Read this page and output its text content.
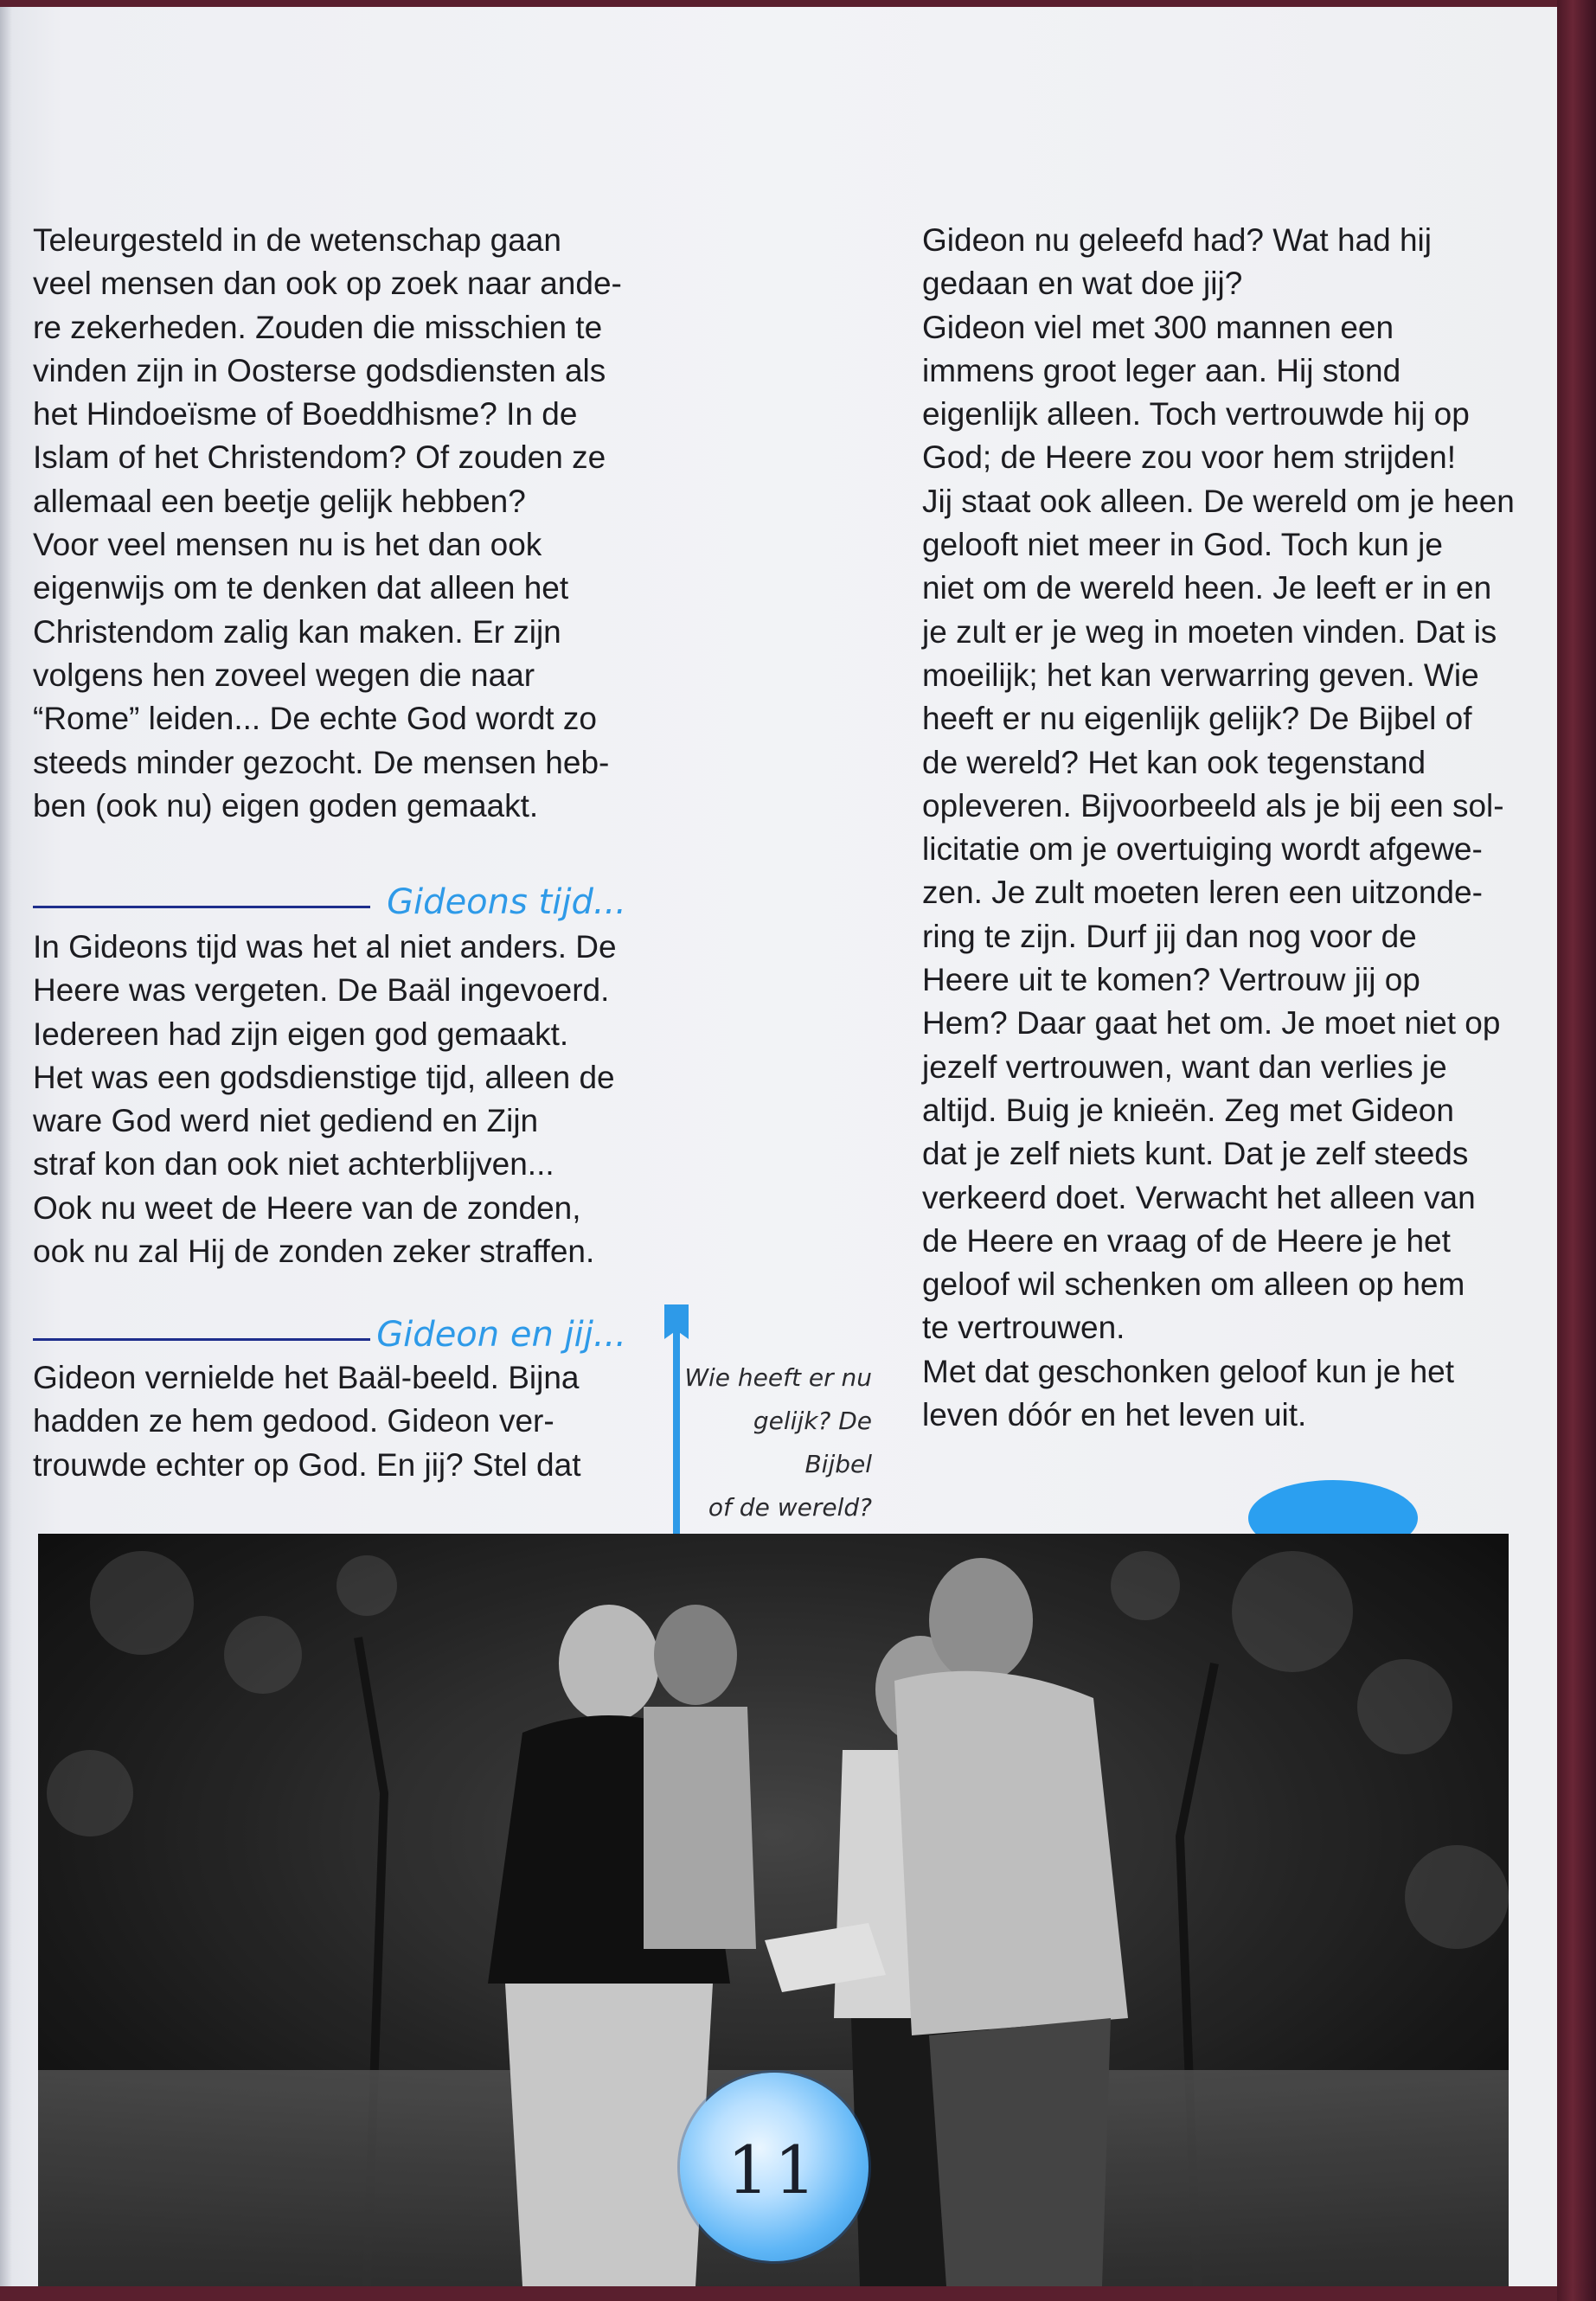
Teleurgesteld in de wetenschap gaan

veel mensen dan ook op zoek naar ande-

re zekerheden. Zouden die misschien te

vinden zijn in Oosterse godsdiensten als

het Hindoeïsme of Boeddhisme? In de

Islam of het Christendom? Of zouden ze

allemaal een beetje gelijk hebben?

Voor veel mensen nu is het dan ook

eigenwijs om te denken dat alleen het

Christendom zalig kan maken. Er zijn

volgens hen zoveel wegen die naar

“Rome” leiden... De echte God wordt zo

steeds minder gezocht. De mensen heb-

ben (ook nu) eigen goden gemaakt.

Gideons tijd...

In Gideons tijd was het al niet anders. De

Heere was vergeten. De Baäl ingevoerd.

Iedereen had zijn eigen god gemaakt.

Het was een godsdienstige tijd, alleen de

ware God werd niet gediend en Zijn

straf kon dan ook niet achterblijven...

Ook nu weet de Heere van de zonden,

ook nu zal Hij de zonden zeker straffen.

Gideon en jij...

Gideon vernielde het Baäl-beeld. Bijna

hadden ze hem gedood. Gideon ver-

trouwde echter op God. En jij? Stel dat

Wie heeft er nu

gelijk? De Bijbel

of de wereld?

Gideon nu geleefd had? Wat had hij

gedaan en wat doe jij?

Gideon viel met 300 mannen een

immens groot leger aan. Hij stond

eigenlijk alleen. Toch vertrouwde hij op

God; de Heere zou voor hem strijden!

Jij staat ook alleen. De wereld om je heen

gelooft niet meer in God. Toch kun je

niet om de wereld heen. Je leeft er in en

je zult er je weg in moeten vinden. Dat is

moeilijk; het kan verwarring geven. Wie

heeft er nu eigenlijk gelijk? De Bijbel of

de wereld? Het kan ook tegenstand

opleveren. Bijvoorbeeld als je bij een sol-

licitatie om je overtuiging wordt afgewe-

zen. Je zult moeten leren een uitzonde-

ring te zijn. Durf jij dan nog voor de

Heere uit te komen? Vertrouw jij op

Hem? Daar gaat het om. Je moet niet op

jezelf vertrouwen, want dan verlies je

altijd. Buig je knieën. Zeg met Gideon

dat je zelf niets kunt. Dat je zelf steeds

verkeerd doet. Verwacht het alleen van

de Heere en vraag of de Heere je het

geloof wil schenken om alleen op hem

te vertrouwen.

Met dat geschonken geloof kun je het

leven dóór en het leven uit.

11
